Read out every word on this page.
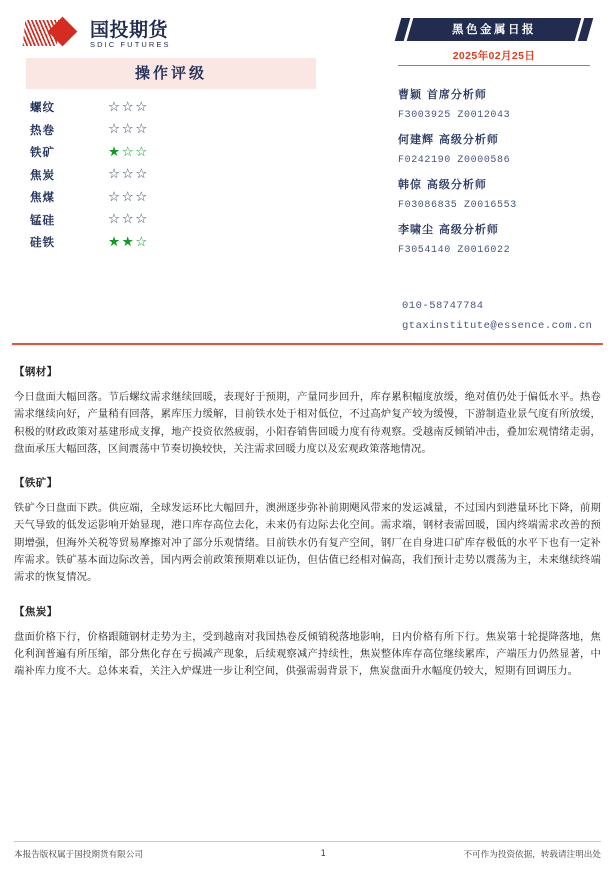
国投期货
SDIC FUTURES
操作评级
螺纹	☆☆☆
热卷	☆☆☆
铁矿	★☆☆
焦炭	☆☆☆
焦煤	☆☆☆
锰硅	☆☆☆
硅铁	★★☆
黑色金属日报
2025年02月25日
曹颖 首席分析师
F3003925 Z0012043
何建辉 高级分析师
F0242190 Z0000586
韩倞 高级分析师
F03086835 Z0016553
李啸尘 高级分析师
F3054140 Z0016022
010-58747784
gtaxinstitute@essence.com.cn
【钢材】
今日盘面大幅回落。节后螺纹需求继续回暖，表现好于预期，产量同步回升，库存累积幅度放缓，绝对值仍处于偏低水平。热卷需求继续向好，产量稍有回落，累库压力缓解，目前铁水处于相对低位，不过高炉复产较为缓慢，下游制造业景气度有所放缓，积极的财政政策对基建形成支撑，地产投资依然疲弱，小阳春销售回暖力度有待观察。受越南反倾销冲击，叠加宏观情绪走弱，盘面承压大幅回落，区间震荡中节奏切换较快，关注需求回暖力度以及宏观政策落地情况。
【铁矿】
铁矿今日盘面下跌。供应端，全球发运环比大幅回升，澳洲逐步弥补前期飓风带来的发运减量，不过国内到港量环比下降，前期天气导致的低发运影响开始显现，港口库存高位去化，未来仍有边际去化空间。需求端，钢材表需回暖，国内终端需求改善的预期增强，但海外关税等贸易摩擦对冲了部分乐观情绪。目前铁水仍有复产空间，钢厂在自身进口矿库存极低的水平下也有一定补库需求。铁矿基本面边际改善，国内两会前政策预期难以证伪，但估值已经相对偏高，我们预计走势以震荡为主，未来继续终端需求的恢复情况。
【焦炭】
盘面价格下行，价格跟随钢材走势为主，受到越南对我国热卷反倾销税落地影响，日内价格有所下行。焦炭第十轮提降落地，焦化利润普遍有所压缩，部分焦化存在亏损减产现象，后续观察减产持续性，焦炭整体库存高位继续累库，产端压力仍然显著，中端补库力度不大。总体来看，关注入炉煤进一步让利空间，供强需弱背景下，焦炭盘面升水幅度仍较大，短期有回调压力。
本报告版权属于国投期货有限公司	1	不可作为投资依据，转载请注明出处
